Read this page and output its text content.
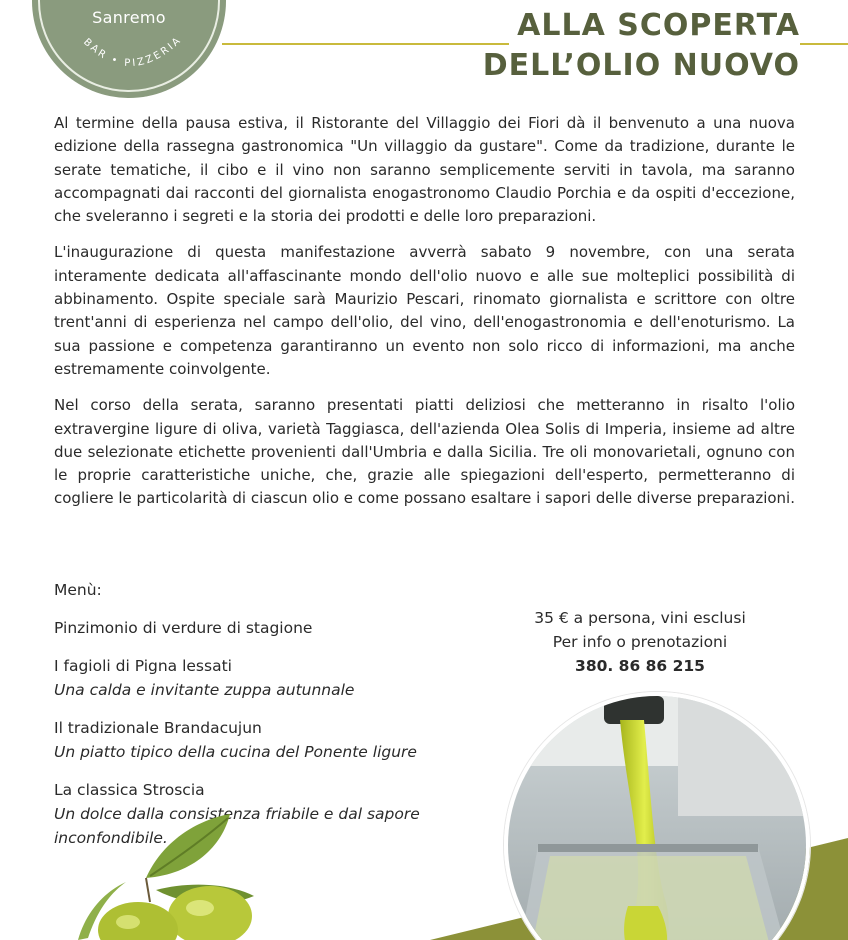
Sanremo
BAR • PIZZERIA	ALLA SCOPERTA
DELL’OLIO NUOVO

Al termine della pausa estiva, il Ristorante del Villaggio dei Fiori dà il benvenuto a una nuova edizione della rassegna gastronomica "Un villaggio da gustare". Come da tradizione, durante le serate tematiche, il cibo e il vino non saranno semplicemente serviti in tavola, ma saranno accompagnati dai racconti del giornalista enogastronomo Claudio Porchia e da ospiti d'eccezione, che sveleranno i segreti e la storia dei prodotti e delle loro preparazioni.

L'inaugurazione di questa manifestazione avverrà sabato 9 novembre, con una serata interamente dedicata all'affascinante mondo dell'olio nuovo e alle sue molteplici possibilità di abbinamento. Ospite speciale sarà Maurizio Pescari, rinomato giornalista e scrittore con oltre trent'anni di esperienza nel campo dell'olio, del vino, dell'enogastronomia e dell'enoturismo. La sua passione e competenza garantiranno un evento non solo ricco di informazioni, ma anche estremamente coinvolgente.

Nel corso della serata, saranno presentati piatti deliziosi che metteranno in risalto l'olio extravergine ligure di oliva, varietà Taggiasca, dell'azienda Olea Solis di Imperia, insieme ad altre due selezionate etichette provenienti dall'Umbria e dalla Sicilia. Tre oli monovarietali, ognuno con le proprie caratteristiche uniche, che, grazie alle spiegazioni dell'esperto, permetteranno di cogliere le particolarità di ciascun olio e come possano esaltare i sapori delle diverse preparazioni.

Menù:
Pinzimonio di verdure di stagione
I fagioli di Pigna lessati
Una calda e invitante zuppa autunnale
Il tradizionale Brandacujun
Un piatto tipico della cucina del Ponente ligure
La classica Stroscia
Un dolce dalla consistenza friabile e dal sapore inconfondibile.
35 € a persona, vini esclusi
Per info o prenotazioni
380. 86 86 215
